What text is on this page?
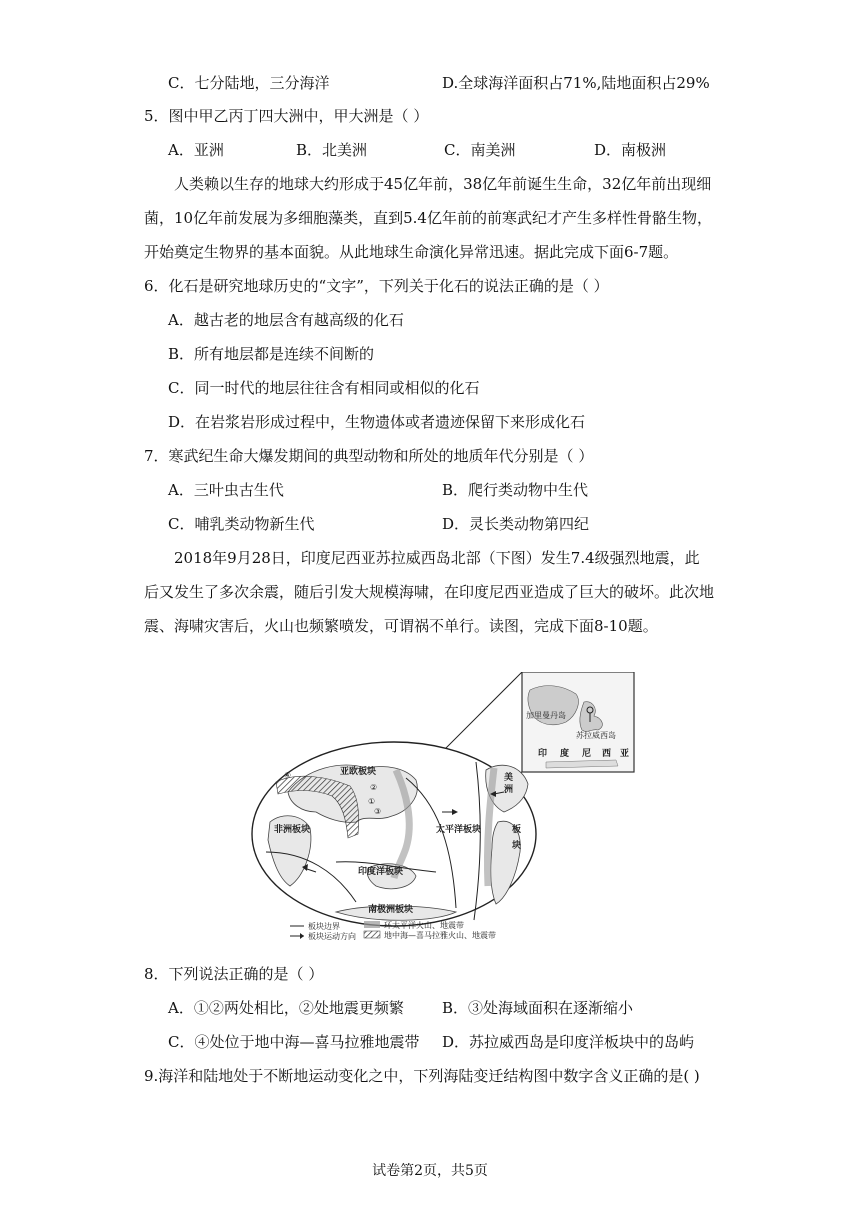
C．七分陆地，三分海洋	D.全球海洋面积占71%,陆地面积占29%
5．图中甲乙丙丁四大洲中，甲大洲是（ ）
A．亚洲	B．北美洲	C．南美洲	D．南极洲
人类赖以生存的地球大约形成于45亿年前，38亿年前诞生生命，32亿年前出现细
菌，10亿年前发展为多细胞藻类，直到5.4亿年前的前寒武纪才产生多样性骨骼生物，
开始奠定生物界的基本面貌。从此地球生命演化异常迅速。据此完成下面6-7题。
6．化石是研究地球历史的“文字”，下列关于化石的说法正确的是（ ）
A．越古老的地层含有越高级的化石
B．所有地层都是连续不间断的
C．同一时代的地层往往含有相同或相似的化石
D．在岩浆岩形成过程中，生物遗体或者遗迹保留下来形成化石
7．寒武纪生命大爆发期间的典型动物和所处的地质年代分别是（ ）
A．三叶虫古生代	B．爬行类动物中生代
C．哺乳类动物新生代	D．灵长类动物第四纪
2018年9月28日，印度尼西亚苏拉威西岛北部（下图）发生7.4级强烈地震，此
后又发生了多次余震，随后引发大规模海啸，在印度尼西亚造成了巨大的破坏。此次地
震、海啸灾害后，火山也频繁喷发，可谓祸不单行。读图，完成下面8-10题。
加里曼丹岛
苏拉威西岛
印 度 尼 西 亚
亚欧板块
非洲板块	太平洋板块
印度洋板块
美
洲
板
块
南极洲板块
②
①
③
④
板块边界
板块运动方向
环太平洋火山、地震带
地中海—喜马拉雅火山、地震带
8．下列说法正确的是（ ）
A．①②两处相比，②处地震更频繁	B．③处海域面积在逐渐缩小
C．④处位于地中海—喜马拉雅地震带 D．苏拉威西岛是印度洋板块中的岛屿
9.海洋和陆地处于不断地运动变化之中，下列海陆变迁结构图中数字含义正确的是( )
试卷第2页，共5页
